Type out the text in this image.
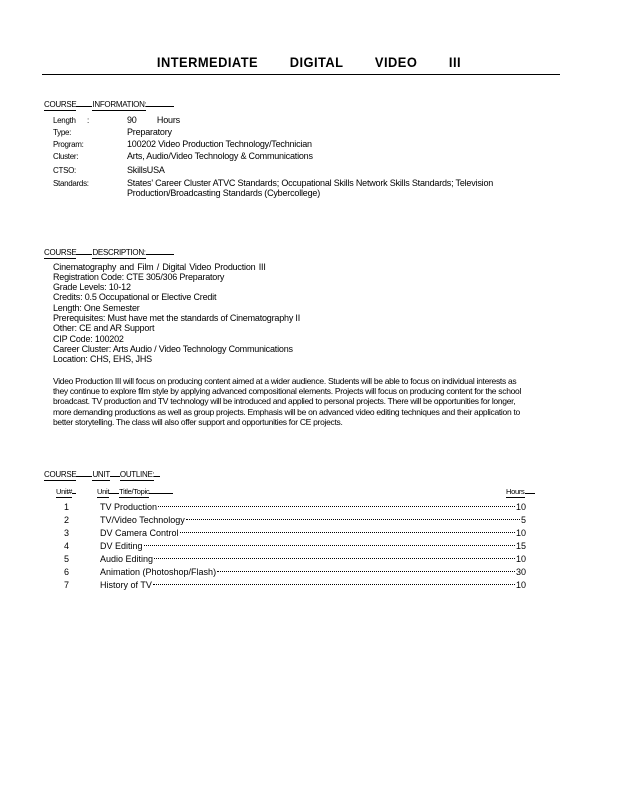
INTERMEDIATE DIGITAL VIDEO III
COURSE INFORMATION:
Length :	90 Hours
Type:	Preparatory
Program:	100202 Video Production Technology/Technician
Cluster:	Arts, Audio/Video Technology & Communications
CTSO:	SkillsUSA
Standards:	States' Career Cluster ATVC Standards; Occupational Skills Network Skills Standards; Television
Production/Broadcasting Standards (Cybercollege)
COURSE DESCRIPTION:
Cinematography and Film / Digital Video Production III
Registration Code: CTE 305/306 Preparatory
Grade Levels: 10-12
Credits: 0.5 Occupational or Elective Credit
Length: One Semester
Prerequisites: Must have met the standards of Cinematography II
Other: CE and AR Support
CIP Code: 100202
Career Cluster: Arts Audio / Video Technology Communications
Location: CHS, EHS, JHS

Video Production III will focus on producing content aimed at a wider audience. Students will be able to focus on individual interests as they continue to explore film style by applying advanced compositional elements. Projects will focus on producing content for the school broadcast. TV production and TV technology will be introduced and applied to personal projects. There will be opportunities for longer, more demanding productions as well as group projects. Emphasis will be on advanced video editing techniques and their application to better storytelling. The class will also offer support and opportunities for CE projects.

COURSE UNIT OUTLINE:
Unit#	Unit Title/Topic	Hours
1	TV Production	10
2	TV/Video Technology	5
3	DV Camera Control	10
4	DV Editing	15
5	Audio Editing	10
6	Animation (Photoshop/Flash)	30
7	History of TV	10
